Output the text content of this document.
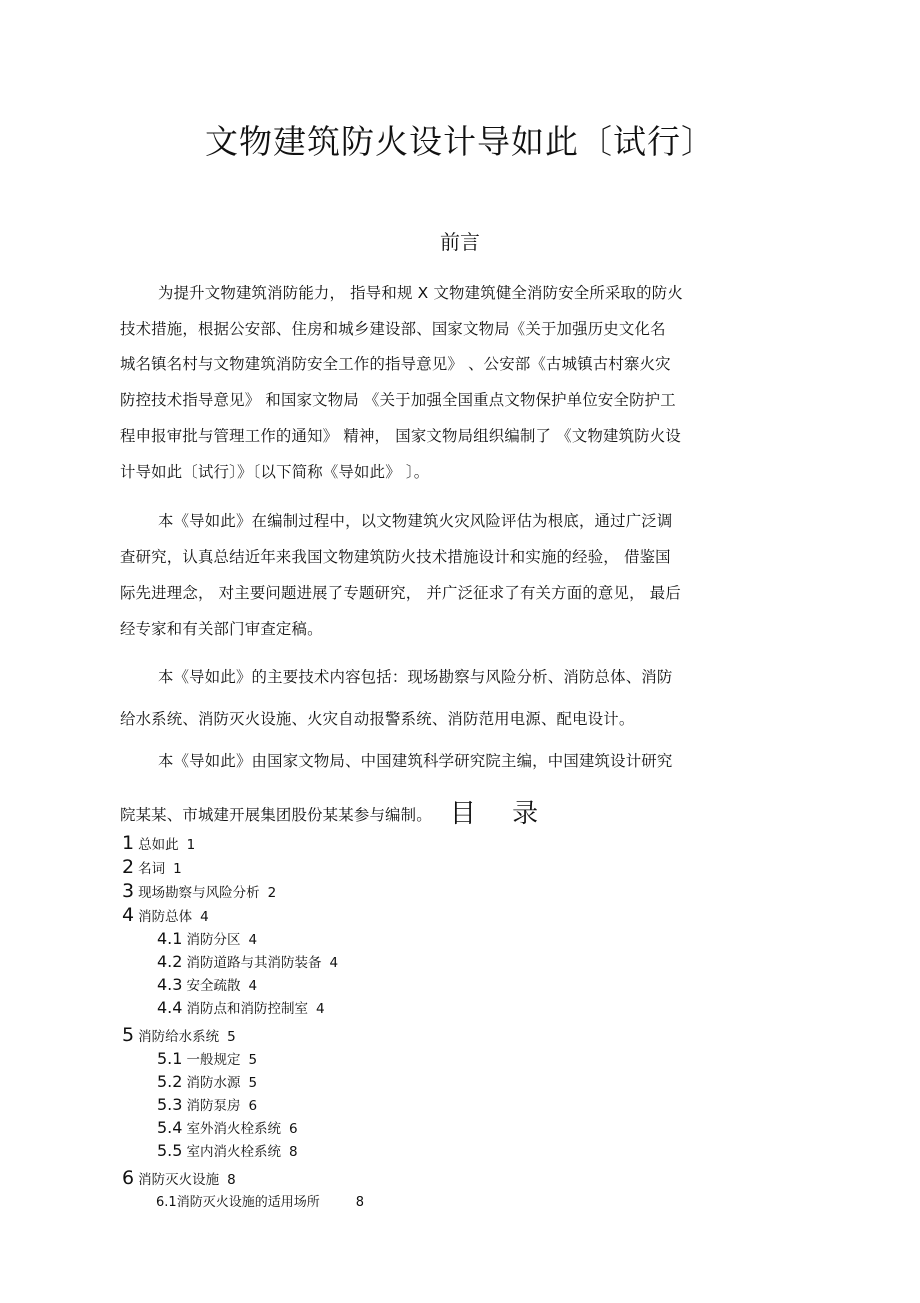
文物建筑防火设计导如此〔试行〕
前言
为提升文物建筑消防能力， 指导和规 X 文物建筑健全消防安全所采取的防火
技术措施，根据公安部、住房和城乡建设部、国家文物局《关于加强历史文化名
城名镇名村与文物建筑消防安全工作的指导意见》 、公安部《古城镇古村寨火灾
防控技术指导意见》 和国家文物局 《关于加强全国重点文物保护单位安全防护工
程申报审批与管理工作的通知》 精神， 国家文物局组织编制了 《文物建筑防火设
计导如此〔试行〕》〔以下简称《导如此》 〕。
本《导如此》在编制过程中，以文物建筑火灾风险评估为根底，通过广泛调
查研究，认真总结近年来我国文物建筑防火技术措施设计和实施的经验， 借鉴国
际先进理念， 对主要问题进展了专题研究， 并广泛征求了有关方面的意见， 最后
经专家和有关部门审查定稿。
本《导如此》的主要技术内容包括：现场勘察与风险分析、消防总体、消防
给水系统、消防灭火设施、火灾自动报警系统、消防范用电源、配电设计。
本《导如此》由国家文物局、中国建筑科学研究院主编，中国建筑设计研究
院某某、市城建开展集团股份某某参与编制。 目 录
1 总如此 1
2 名词 1
3 现场勘察与风险分析 2
4 消防总体 4
4.1 消防分区 4
4.2 消防道路与其消防装备 4
4.3 安全疏散 4
4.4 消防点和消防控制室 4
5 消防给水系统 5
5.1 一般规定 5
5.2 消防水源 5
5.3 消防泵房 6
5.4 室外消火栓系统 6
5.5 室内消火栓系统 8
6 消防灭火设施 8
6.1消防灭火设施的适用场所	8
